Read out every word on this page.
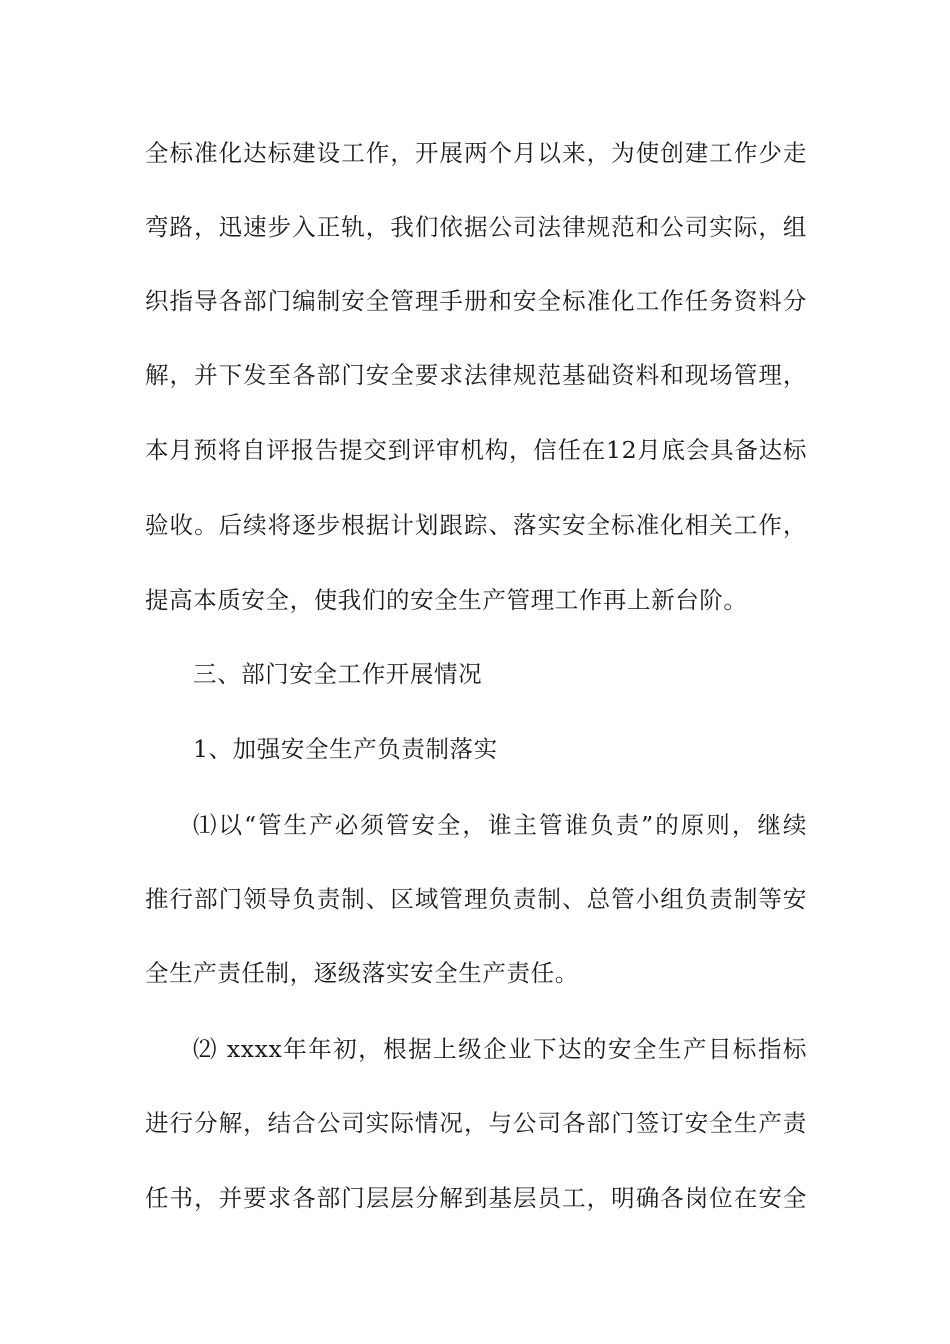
全标准化达标建设工作，开展两个月以来，为使创建工作少走
弯路，迅速步入正轨，我们依据公司法律规范和公司实际，组
织指导各部门编制安全管理手册和安全标准化工作任务资料分
解，并下发至各部门安全要求法律规范基础资料和现场管理，
本月预将自评报告提交到评审机构，信任在12月底会具备达标
验收。后续将逐步根据计划跟踪、落实安全标准化相关工作，
提高本质安全，使我们的安全生产管理工作再上新台阶。
三、部门安全工作开展情况
1、加强安全生产负责制落实
⑴以“管生产必须管安全，谁主管谁负责”的原则，继续
推行部门领导负责制、区域管理负责制、总管小组负责制等安
全生产责任制，逐级落实安全生产责任。
⑵ xxxx年年初，根据上级企业下达的安全生产目标指标
进行分解，结合公司实际情况，与公司各部门签订安全生产责
任书，并要求各部门层层分解到基层员工，明确各岗位在安全
